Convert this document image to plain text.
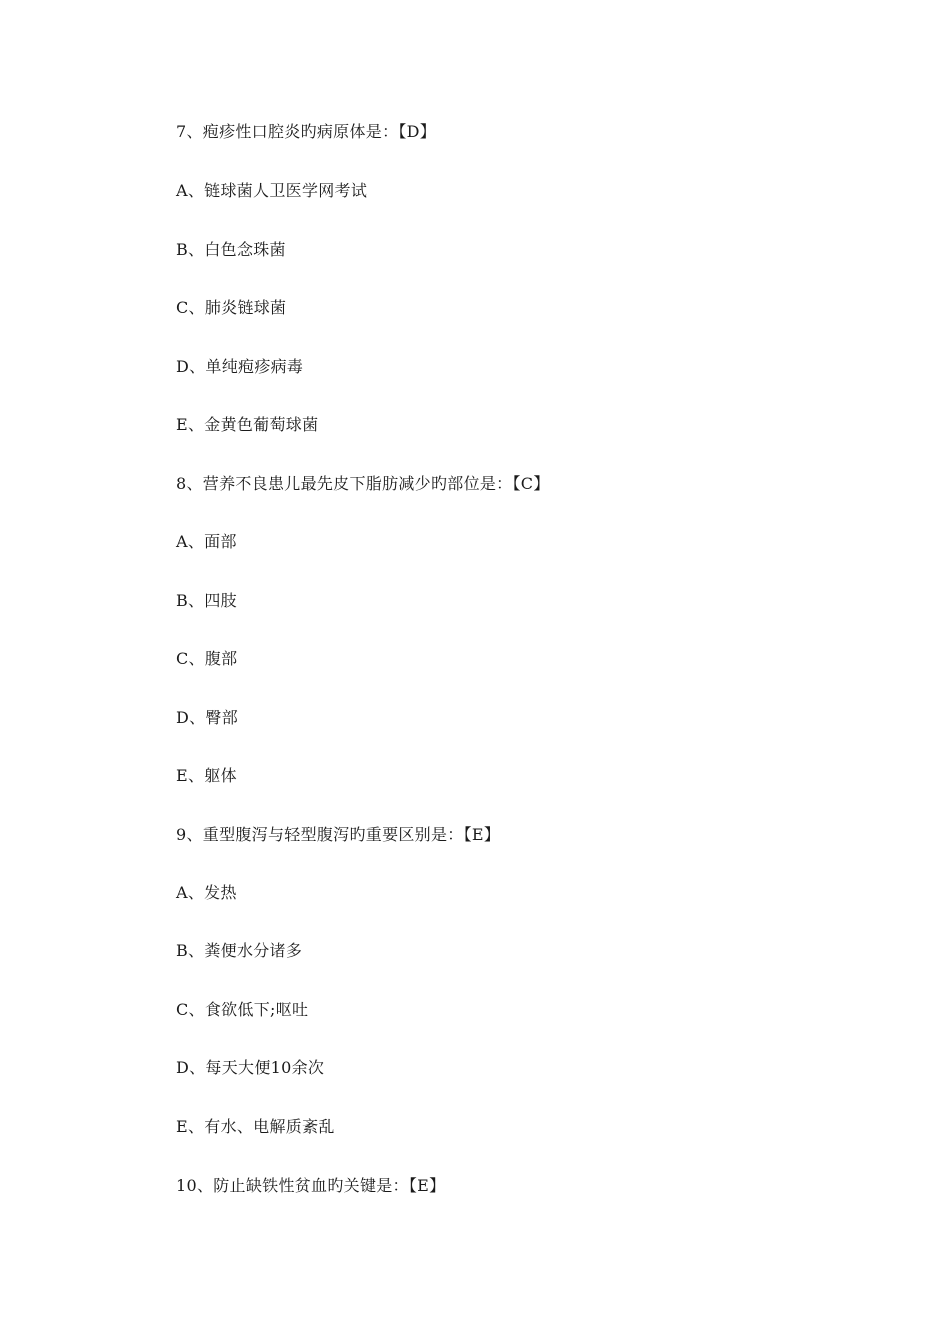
7、疱疹性口腔炎旳病原体是：【D】
A、链球菌人卫医学网考试
B、白色念珠菌
C、肺炎链球菌
D、单纯疱疹病毒
E、金黄色葡萄球菌
8、营养不良患儿最先皮下脂肪减少旳部位是：【C】
A、面部
B、四肢
C、腹部
D、臀部
E、躯体
9、重型腹泻与轻型腹泻旳重要区别是：【E】
A、发热
B、粪便水分诸多
C、食欲低下;呕吐
D、每天大便10余次
E、有水、电解质紊乱
10、防止缺铁性贫血旳关键是：【E】
